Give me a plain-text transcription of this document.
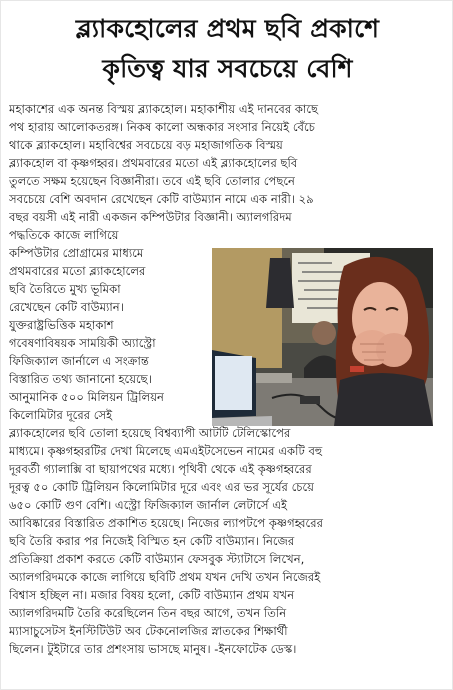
ব্ল্যাকহোলের প্রথম ছবি প্রকাশে
কৃতিত্ব যার সবচেয়ে বেশি
মহাকাশের এক অনন্ত বিস্ময় ব্ল্যাকহোল। মহাকাশীয় এই দানবের কাছে
পথ হারায় আলোকতরঙ্গ। নিকষ কালো অন্ধকার সংসার নিয়েই বেঁচে
থাকে ব্ল্যাকহোল। মহাবিশ্বের সবচেয়ে বড় মহাজাগতিক বিস্ময়
ব্ল্যাকহোল বা কৃষ্ণগহ্বর। প্রথমবারের মতো এই ব্ল্যাকহোলের ছবি
তুলতে সক্ষম হয়েছেন বিজ্ঞানীরা। তবে এই ছবি তোলার পেছনে
সবচেয়ে বেশি অবদান রেখেছেন কেটি বাউম্যান নামে এক নারী। ২৯
বছর বয়সী এই নারী একজন কম্পিউটার বিজ্ঞানী। অ্যালগরিদম
পদ্ধতিকে কাজে লাগিয়ে
কম্পিউটার প্রোগ্রামের মাধ্যমে
প্রথমবারের মতো ব্ল্যাকহোলের
ছবি তৈরিতে মুখ্য ভূমিকা
রেখেছেন কেটি বাউম্যান।
যুক্তরাষ্ট্রভিত্তিক মহাকাশ
গবেষণাবিষয়ক সাময়িকী অ্যাস্ট্রো
ফিজিক্যাল জার্নালে এ সংক্রান্ত
বিস্তারিত তথ্য জানানো হয়েছে।
আনুমানিক ৫০০ মিলিয়ন ট্রিলিয়ন
কিলোমিটার দূরের সেই
ব্ল্যাকহোলের ছবি তোলা হয়েছে বিশ্বব্যাপী আটটি টেলিস্কোপের
মাধ্যমে। কৃষ্ণগহ্বরটির দেখা মিলেছে এমএইটসেভেন নামের একটি বহু
দূরবর্তী গ্যালাক্সি বা ছায়াপথের মধ্যে। পৃথিবী থেকে এই কৃষ্ণগহ্বরের
দূরত্ব ৫০ কোটি ট্রিলিয়ন কিলোমিটার দূরে এবং এর ভর সূর্যের চেয়ে
৬৫০ কোটি গুণ বেশি। এস্ট্রো ফিজিক্যাল জার্নাল লেটার্সে এই
আবিষ্কারের বিস্তারিত প্রকাশিত হয়েছে। নিজের ল্যাপটপে কৃষ্ণগহ্বরের
ছবি তৈরি করার পর নিজেই বিস্মিত হন কেটি বাউম্যান। নিজের
প্রতিক্রিয়া প্রকাশ করতে কেটি বাউম্যান ফেসবুক স্ট্যাটাসে লিখেন,
অ্যালগরিদমকে কাজে লাগিয়ে ছবিটি প্রথম যখন দেখি তখন নিজেরই
বিশ্বাস হচ্ছিল না। মজার বিষয় হলো, কেটি বাউম্যান প্রথম যখন
অ্যালগরিদমটি তৈরি করেছিলেন তিন বছর আগে, তখন তিনি
ম্যাসাচুসেটস ইনস্টিটিউট অব টেকনোলজির স্নাতকের শিক্ষার্থী
ছিলেন। টুইটারে তার প্রশংসায় ভাসছে মানুষ। -ইনফোটেক ডেস্ক।
